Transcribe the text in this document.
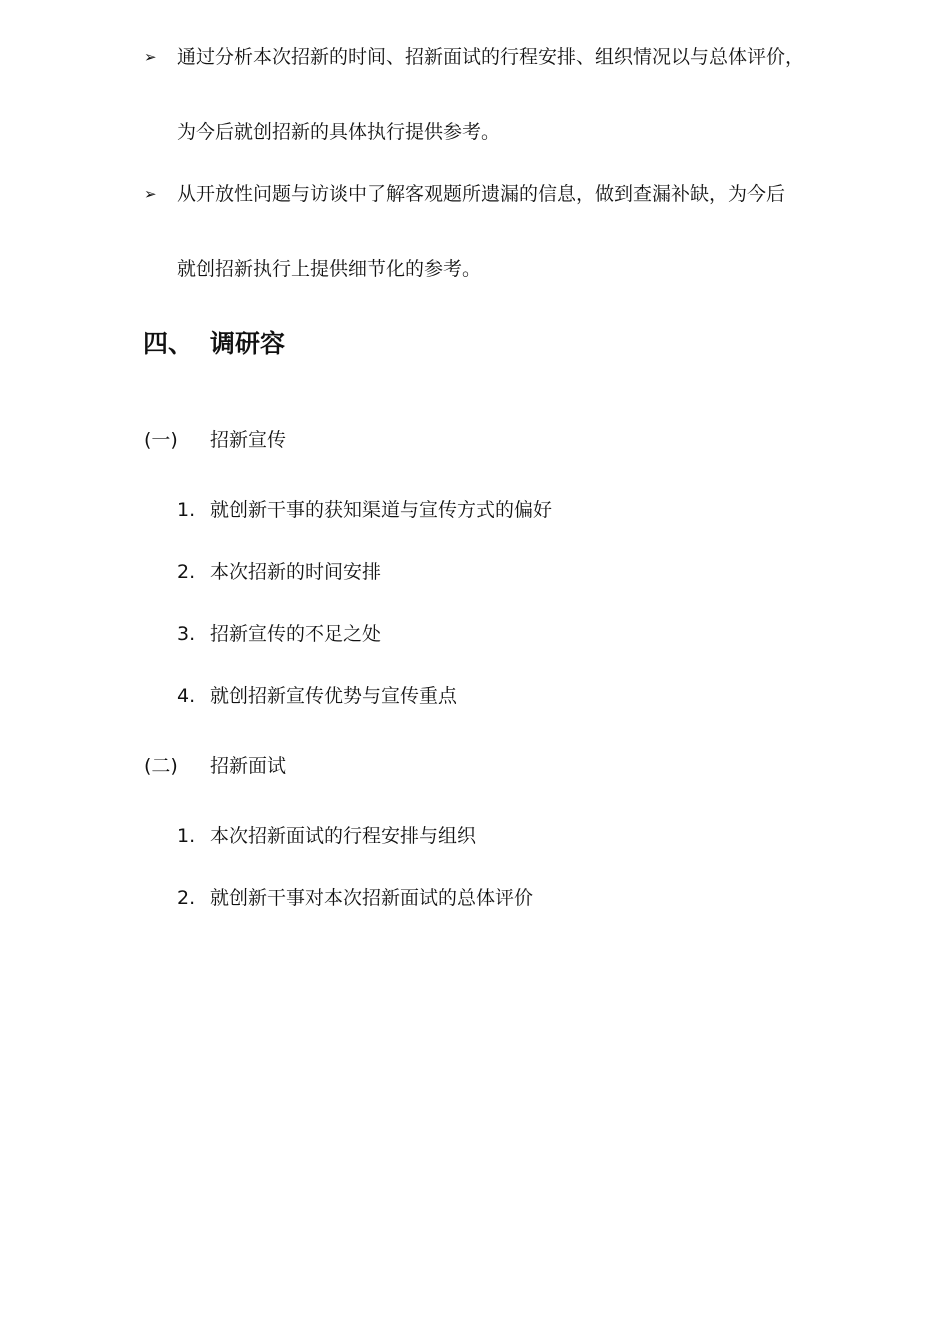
➢ 通过分析本次招新的时间、招新面试的行程安排、组织情况以与总体评价，
为今后就创招新的具体执行提供参考。
➢ 从开放性问题与访谈中了解客观题所遗漏的信息，做到查漏补缺，为今后
就创招新执行上提供细节化的参考。
四、 调研容
(一) 招新宣传
1. 就创新干事的获知渠道与宣传方式的偏好
2. 本次招新的时间安排
3. 招新宣传的不足之处
4. 就创招新宣传优势与宣传重点
(二) 招新面试
1. 本次招新面试的行程安排与组织
2. 就创新干事对本次招新面试的总体评价
